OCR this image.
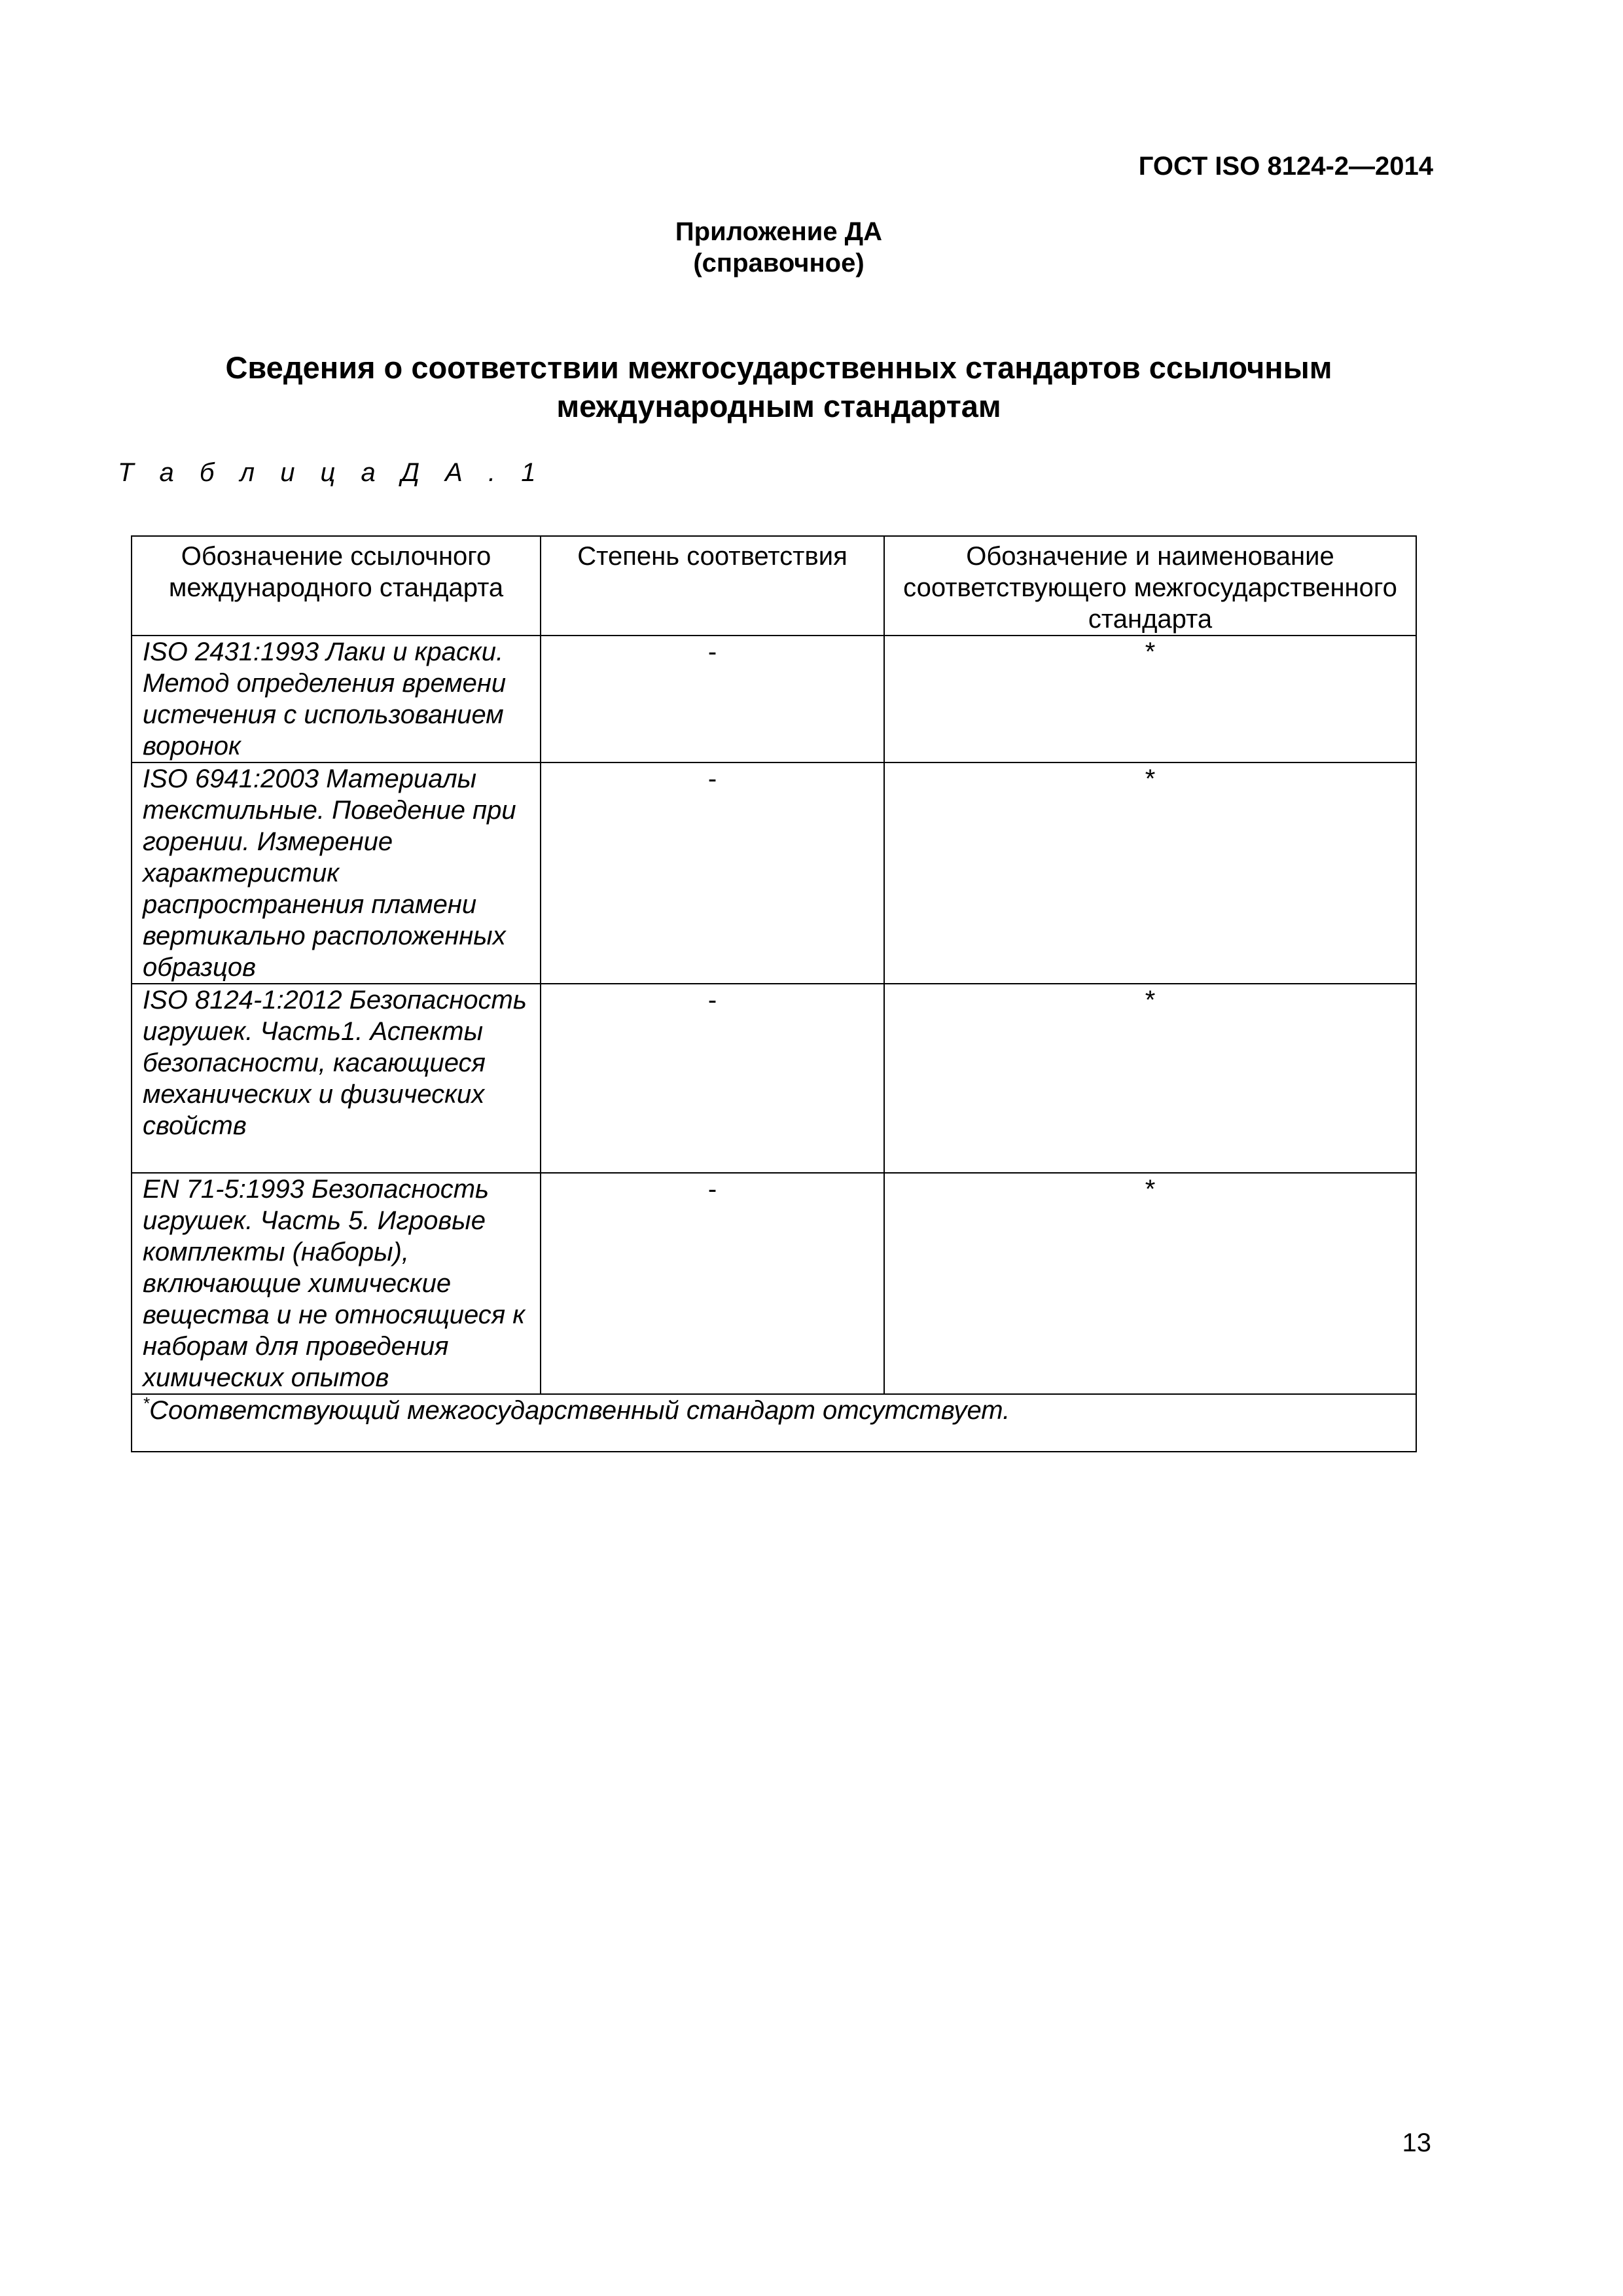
ГОСТ ISO 8124-2—2014

Приложение ДА
(справочное)
Сведения о соответствии межгосударственных стандартов ссылочным международным стандартам

Т а б л и ц а Д А . 1

Обозначение ссылочного международного стандарта	Степень соответствия	Обозначение и наименование соответствующего межгосударственного стандарта
ISO 2431:1993 Лаки и краски. Метод определения времени истечения с использованием воронок	-	*
ISO 6941:2003 Материалы текстильные. Поведение при горении. Измерение характеристик распространения пламени вертикально расположенных образцов	-	*
ISO 8124-1:2012 Безопасность игрушек. Часть1. Аспекты безопасности, касающиеся механических и физических свойств	-	*
EN 71-5:1993 Безопасность игрушек. Часть 5. Игровые комплекты (наборы), включающие химические вещества и не относящиеся к наборам для проведения химических опытов	-	*
*Соответствующий межгосударственный стандарт отсутствует.		

13
